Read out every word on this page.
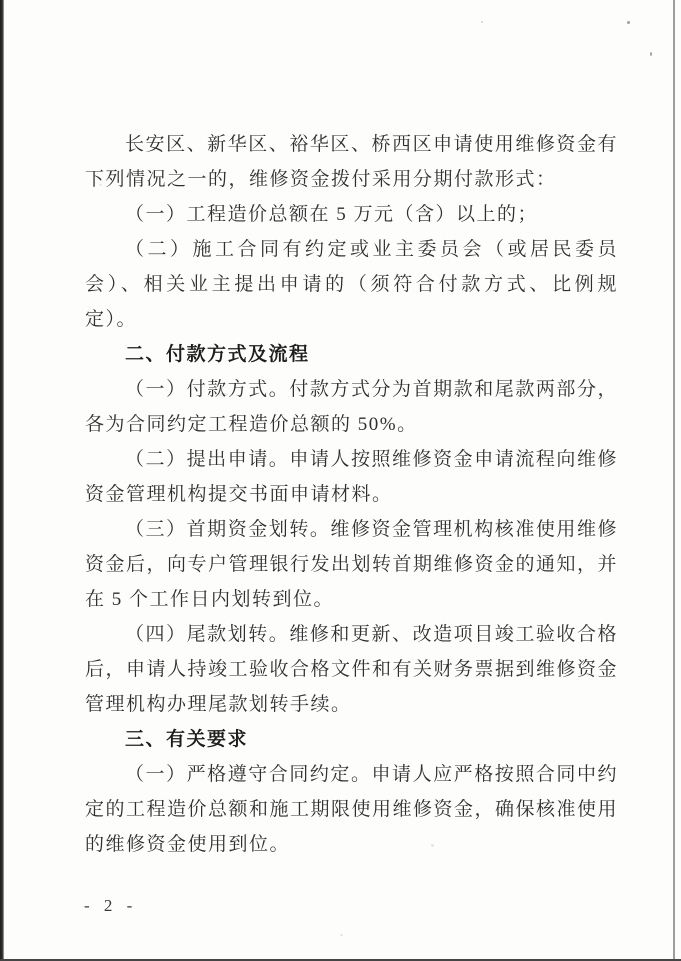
长安区、新华区、裕华区、桥西区申请使用维修资金有下列情况之一的，维修资金拨付采用分期付款形式：

（一）工程造价总额在 5 万元（含）以上的；

（二）施工合同有约定或业主委员会（或居民委员会）、相关业主提出申请的（须符合付款方式、比例规定）。

二、付款方式及流程

（一）付款方式。付款方式分为首期款和尾款两部分，各为合同约定工程造价总额的 50%。

（二）提出申请。申请人按照维修资金申请流程向维修资金管理机构提交书面申请材料。

（三）首期资金划转。维修资金管理机构核准使用维修资金后，向专户管理银行发出划转首期维修资金的通知，并在 5 个工作日内划转到位。

（四）尾款划转。维修和更新、改造项目竣工验收合格后，申请人持竣工验收合格文件和有关财务票据到维修资金管理机构办理尾款划转手续。

三、有关要求

（一）严格遵守合同约定。申请人应严格按照合同中约定的工程造价总额和施工期限使用维修资金，确保核准使用的维修资金使用到位。

- 2 -
